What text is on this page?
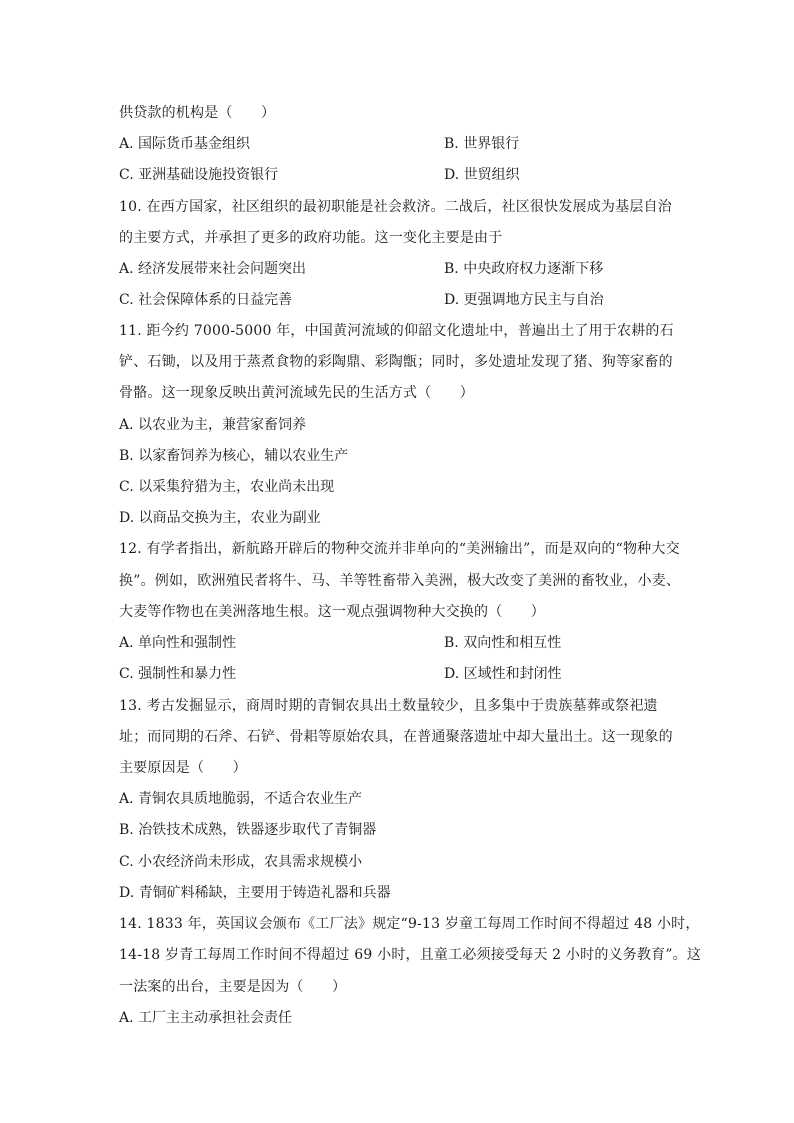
供贷款的机构是（　　）
A. 国际货币基金组织	B. 世界银行
C. 亚洲基础设施投资银行	D. 世贸组织
10. 在西方国家，社区组织的最初职能是社会救济。二战后，社区很快发展成为基层自治
的主要方式，并承担了更多的政府功能。这一变化主要是由于
A. 经济发展带来社会问题突出	B. 中央政府权力逐渐下移
C. 社会保障体系的日益完善	D. 更强调地方民主与自治
11. 距今约 7000-5000 年，中国黄河流域的仰韶文化遗址中，普遍出土了用于农耕的石
铲、石锄，以及用于蒸煮食物的彩陶鼎、彩陶甑；同时，多处遗址发现了猪、狗等家畜的
骨骼。这一现象反映出黄河流域先民的生活方式（　　）
A. 以农业为主，兼营家畜饲养
B. 以家畜饲养为核心，辅以农业生产
C. 以采集狩猎为主，农业尚未出现
D. 以商品交换为主，农业为副业
12. 有学者指出，新航路开辟后的物种交流并非单向的“美洲输出”，而是双向的“物种大交
换”。例如，欧洲殖民者将牛、马、羊等牲畜带入美洲，极大改变了美洲的畜牧业，小麦、
大麦等作物也在美洲落地生根。这一观点强调物种大交换的（　　）
A. 单向性和强制性	B. 双向性和相互性
C. 强制性和暴力性	D. 区域性和封闭性
13. 考古发掘显示，商周时期的青铜农具出土数量较少，且多集中于贵族墓葬或祭祀遗
址；而同期的石斧、石铲、骨耜等原始农具，在普通聚落遗址中却大量出土。这一现象的
主要原因是（　　）
A. 青铜农具质地脆弱，不适合农业生产
B. 冶铁技术成熟，铁器逐步取代了青铜器
C. 小农经济尚未形成，农具需求规模小
D. 青铜矿料稀缺，主要用于铸造礼器和兵器
14. 1833 年，英国议会颁布《工厂法》规定“9-13 岁童工每周工作时间不得超过 48 小时，
14-18 岁青工每周工作时间不得超过 69 小时，且童工必须接受每天 2 小时的义务教育”。这
一法案的出台，主要是因为（　　）
A. 工厂主主动承担社会责任
